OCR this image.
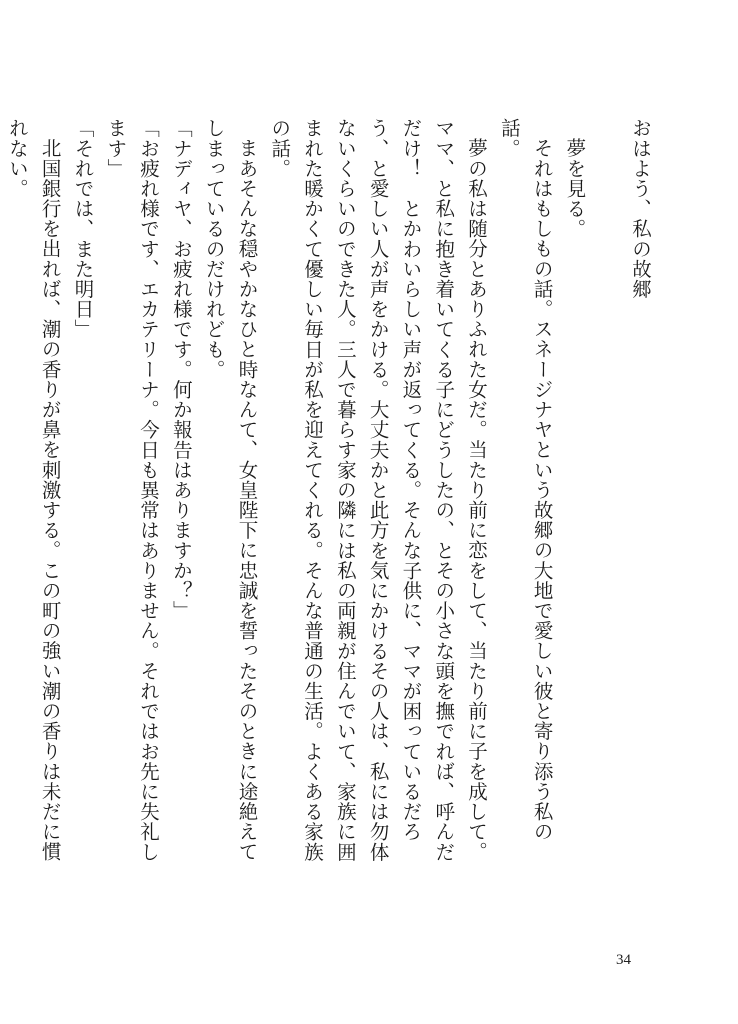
おはよう、私の故郷

夢を見る。

それはもしもの話。スネージナヤという故郷の大地で愛しい彼と寄り添う私の話。

夢の私は随分とありふれた女だ。当たり前に恋をして、当たり前に子を成して。ママ、と私に抱き着いてくる子にどうしたの、とその小さな頭を撫でれば、呼んだだけ！　とかわいらしい声が返ってくる。そんな子供に、ママが困っているだろう、と愛しい人が声をかける。大丈夫かと此方を気にかけるその人は、私には勿体ないくらいのできた人。三人で暮らす家の隣には私の両親が住んでいて、家族に囲まれた暖かくて優しい毎日が私を迎えてくれる。そんな普通の生活。よくある家族の話。

まあそんな穏やかなひと時なんて、女皇陛下に忠誠を誓ったそのときに途絶えてしまっているのだけれども。

「ナディヤ、お疲れ様です。何か報告はありますか？」

「お疲れ様です、エカテリーナ。今日も異常はありません。それではお先に失礼します」

「それでは、また明日」

北国銀行を出れば、潮の香りが鼻を刺激する。この町の強い潮の香りは未だに慣れない。

34
